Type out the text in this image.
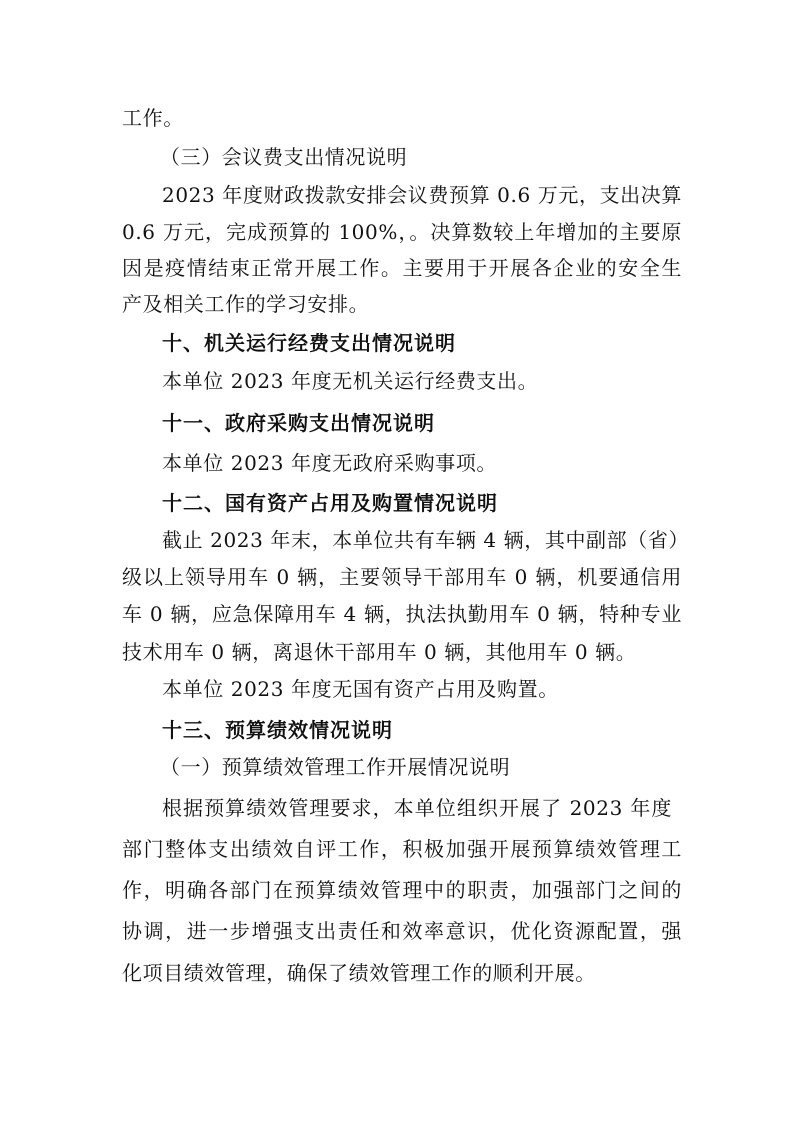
工作。
（三）会议费支出情况说明
2023 年度财政拨款安排会议费预算 0.6 万元，支出决算
0.6 万元，完成预算的 100%，。决算数较上年增加的主要原
因是疫情结束正常开展工作。主要用于开展各企业的安全生
产及相关工作的学习安排。
十、机关运行经费支出情况说明
本单位 2023 年度无机关运行经费支出。
十一、政府采购支出情况说明
本单位 2023 年度无政府采购事项。
十二、国有资产占用及购置情况说明
截止 2023 年末，本单位共有车辆 4 辆，其中副部（省）
级以上领导用车 0 辆，主要领导干部用车 0 辆，机要通信用
车 0 辆，应急保障用车 4 辆，执法执勤用车 0 辆，特种专业
技术用车 0 辆，离退休干部用车 0 辆，其他用车 0 辆。
本单位 2023 年度无国有资产占用及购置。
十三、预算绩效情况说明
（一）预算绩效管理工作开展情况说明
根据预算绩效管理要求，本单位组织开展了 2023 年度
部门整体支出绩效自评工作，积极加强开展预算绩效管理工
作，明确各部门在预算绩效管理中的职责，加强部门之间的
协调，进一步增强支出责任和效率意识，优化资源配置，强
化项目绩效管理，确保了绩效管理工作的顺利开展。
